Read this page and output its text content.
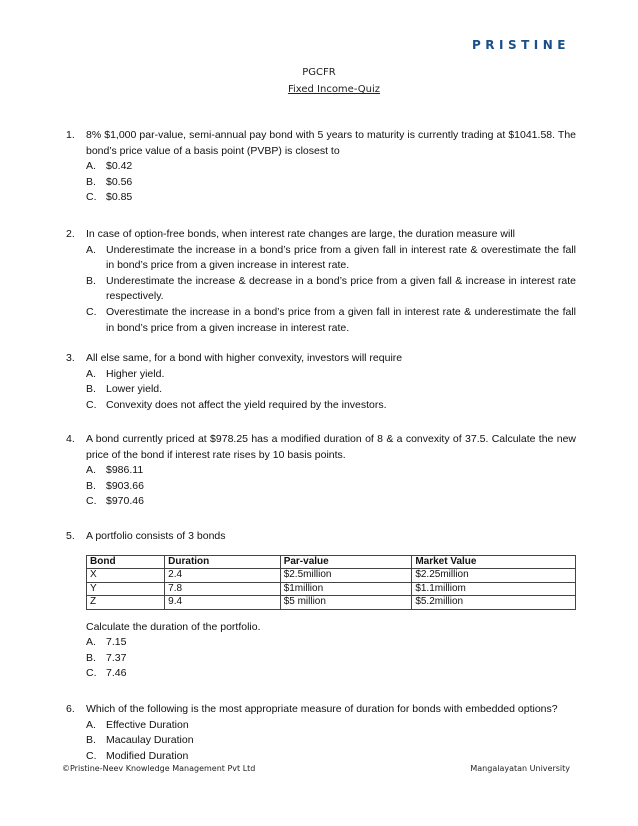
PRISTINE
PGCFR
Fixed Income-Quiz
1.	8% $1,000 par-value, semi-annual pay bond with 5 years to maturity is currently trading at $1041.58. The bond’s price value of a basis point (PVBP) is closest to
A. $0.42
B. $0.56
C. $0.85
2.	In case of option-free bonds, when interest rate changes are large, the duration measure will
A. Underestimate the increase in a bond’s price from a given fall in interest rate & overestimate the fall in bond’s price from a given increase in interest rate.
B. Underestimate the increase & decrease in a bond’s price from a given fall & increase in interest rate respectively.
C. Overestimate the increase in a bond’s price from a given fall in interest rate & underestimate the fall in bond’s price from a given increase in interest rate.
3.	All else same, for a bond with higher convexity, investors will require
A. Higher yield.
B. Lower yield.
C. Convexity does not affect the yield required by the investors.
4.	A bond currently priced at $978.25 has a modified duration of 8 & a convexity of 37.5. Calculate the new price of the bond if interest rate rises by 10 basis points.
A. $986.11
B. $903.66
C. $970.46
5.	A portfolio consists of 3 bonds
Bond	Duration	Par-value	Market Value
X	2.4	$2.5million	$2.25million
Y	7.8	$1million	$1.1milliom
Z	9.4	$5 million	$5.2million
Calculate the duration of the portfolio.
A. 7.15
B. 7.37
C. 7.46
6.	Which of the following is the most appropriate measure of duration for bonds with embedded options?
A. Effective Duration
B. Macaulay Duration
C. Modified Duration
©Pristine-Neev Knowledge Management Pvt Ltd	Mangalayatan University
